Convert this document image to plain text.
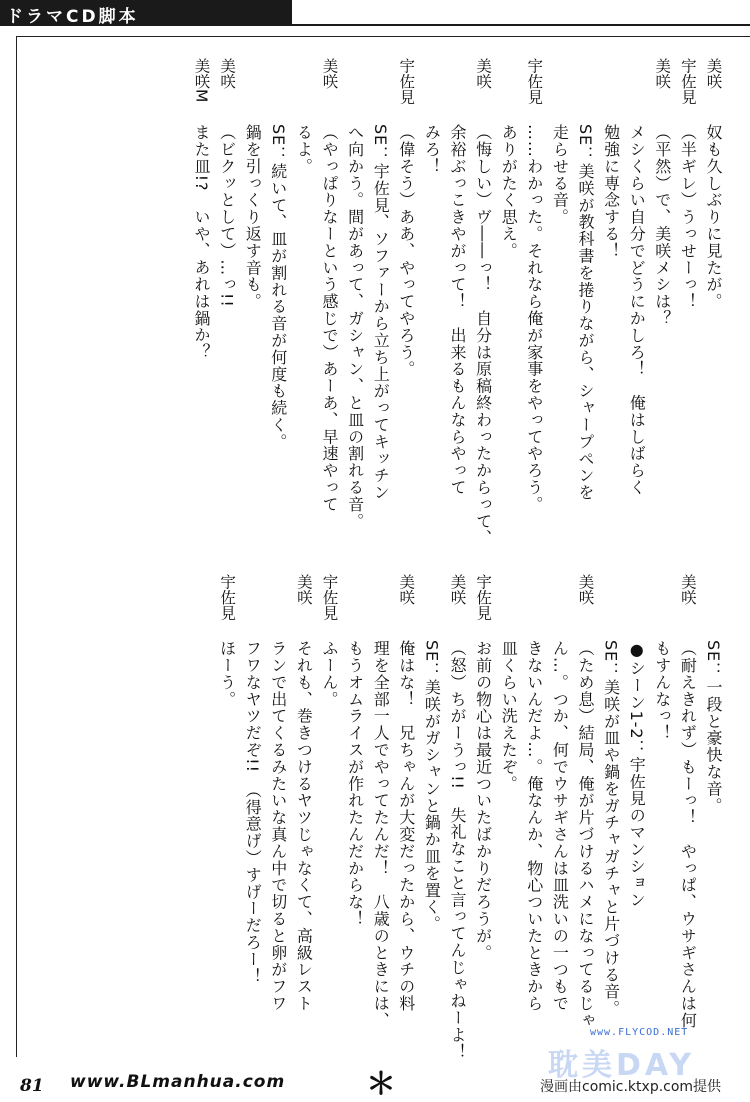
ドラマCD脚本
美咲
奴も久しぶりに見たが。
宇佐見
（半ギレ）うっせーっ！
美咲
（平然）で、美咲メシは？
メシくらい自分でどうにかしろ！　俺はしばらく
勉強に専念する！
SE：美咲が教科書を捲りながら、シャープペンを
走らせる音。
宇佐見
……わかった。それなら俺が家事をやってやろう。
ありがたく思え。
美咲
（悔しい）ヴ――っ！　自分は原稿終わったからって、
余裕ぶっこきやがって！　出来るもんならやって
みろ！
宇佐見
（偉そう）ああ、やってやろう。
SE：宇佐見、ソファーから立ち上がってキッチン
へ向かう。間があって、ガシャン、と皿の割れる音。
美咲
（やっぱりなーという感じで）あーあ、早速やって
るよ。
SE：続いて、皿が割れる音が何度も続く。
鍋を引っくり返す音も。
美咲
（ビクッとして）…っ!!
美咲M
また皿!?　いや、あれは鍋か？
SE：一段と豪快な音。
美咲
（耐えきれず）もーっ！　やっぱ、ウサギさんは何
もすんなっ！
●シーン1-2：宇佐見のマンション
SE：美咲が皿や鍋をガチャガチャと片づける音。
美咲
（ため息）結局、俺が片づけるハメになってるじゃ
ん…。つか、何でウサギさんは皿洗いの一つもで
きないんだよ…。俺なんか、物心ついたときから
皿くらい洗えたぞ。
宇佐見
お前の物心は最近ついたばかりだろうが。
美咲
（怒）ちがーうっ!!　失礼なこと言ってんじゃねーよ！
SE：美咲がガシャンと鍋か皿を置く。
美咲
俺はな！　兄ちゃんが大変だったから、ウチの料
理を全部一人でやってたんだ！　八歳のときには、
もうオムライスが作れたんだからな！
宇佐見
ふーん。
美咲
それも、巻きつけるヤツじゃなくて、高級レスト
ランで出てくるみたいな真ん中で切ると卵がフワ
フワなヤツだぞ!!　（得意げ）すげーだろー！
宇佐見
ほーう。
81 www.BLmanhua.com	＊
www.FLYCOD.NET
耽美DAY
漫画由comic.ktxp.com提供
